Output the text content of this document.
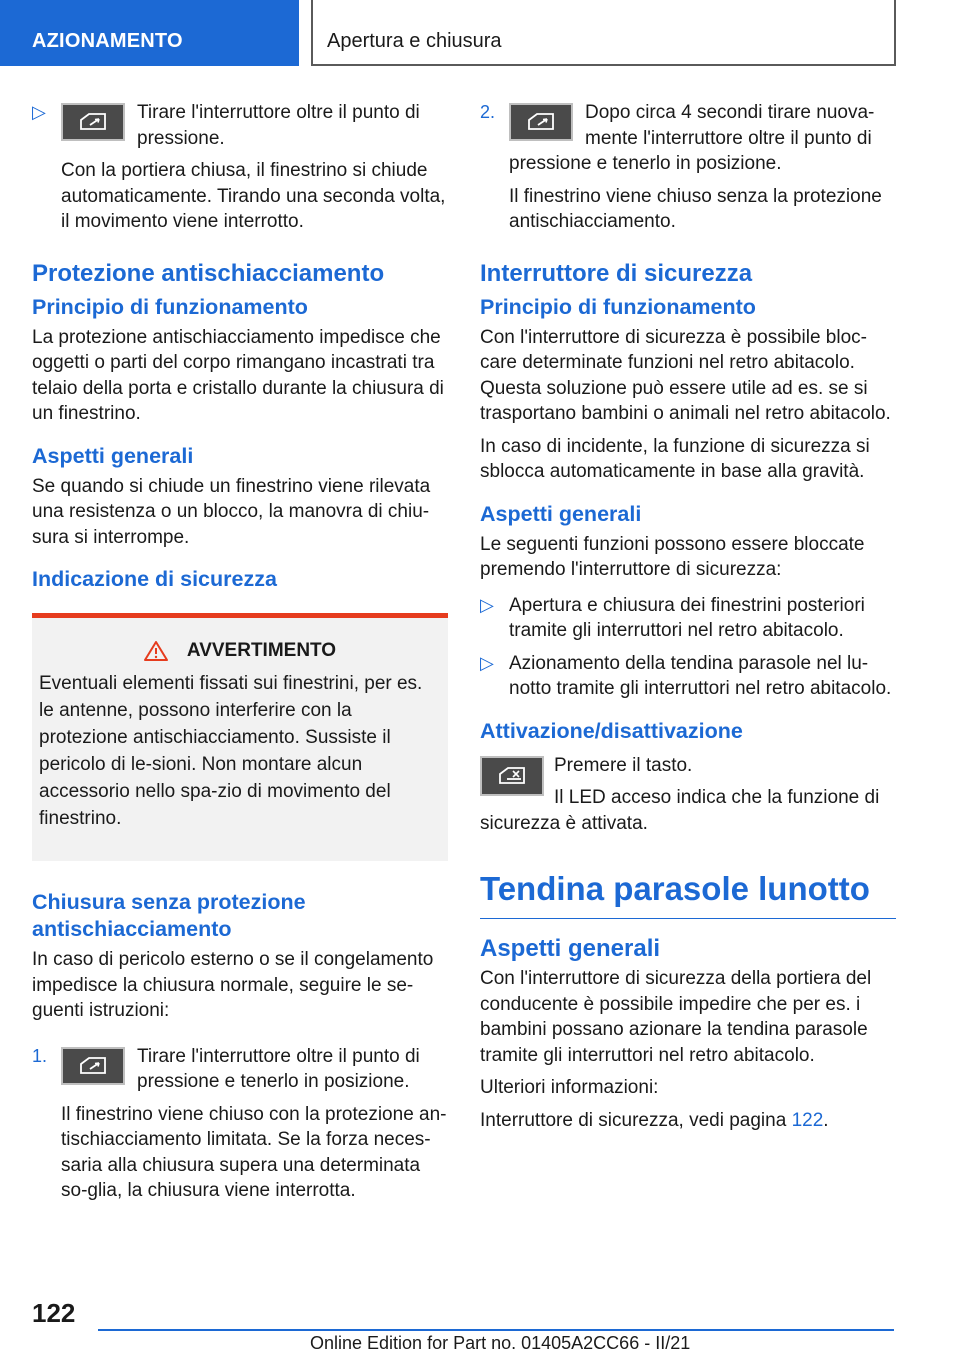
AZIONAMENTO	Apertura e chiusura
▷	Tirare l'interruttore oltre il punto di pressione.

Con la portiera chiusa, il finestrino si chiude automaticamente. Tirando una seconda volta, il movimento viene interrotto.

Protezione antischiacciamento
Principio di funzionamento

La protezione antischiacciamento impedisce che oggetti o parti del corpo rimangano incastrati tra telaio della porta e cristallo durante la chiusura di un finestrino.

Aspetti generali

Se quando si chiude un finestrino viene rilevata una resistenza o un blocco, la manovra di chiu-sura si interrompe.

Indicazione di sicurezza
AVVERTIMENTO

Eventuali elementi fissati sui finestrini, per es. le antenne, possono interferire con la protezione antischiacciamento. Sussiste il pericolo di le-sioni. Non montare alcun accessorio nello spa-zio di movimento del finestrino.

Chiusura senza protezione antischiacciamento

In caso di pericolo esterno o se il congelamento impedisce la chiusura normale, seguire le se-guenti istruzioni:

1.	Tirare l'interruttore oltre il punto di pressione e tenerlo in posizione.

Il finestrino viene chiuso con la protezione an-tischiacciamento limitata. Se la forza neces-saria alla chiusura supera una determinata so-glia, la chiusura viene interrotta.

2.	Dopo circa 4 secondi tirare nuova-mente l'interruttore oltre il punto di pressione e tenerlo in posizione.

Il finestrino viene chiuso senza la protezione antischiacciamento.

Interruttore di sicurezza
Principio di funzionamento

Con l'interruttore di sicurezza è possibile bloc-care determinate funzioni nel retro abitacolo. Questa soluzione può essere utile ad es. se si trasportano bambini o animali nel retro abitacolo.

In caso di incidente, la funzione di sicurezza si sblocca automaticamente in base alla gravità.

Aspetti generali

Le seguenti funzioni possono essere bloccate premendo l'interruttore di sicurezza:

▷ Apertura e chiusura dei finestrini posteriori tramite gli interruttori nel retro abitacolo.

▷ Azionamento della tendina parasole nel lu-notto tramite gli interruttori nel retro abitacolo.

Attivazione/disattivazione

Premere il tasto.

Il LED acceso indica che la funzione di sicurezza è attivata.

Tendina parasole lunotto
Aspetti generali

Con l'interruttore di sicurezza della portiera del conducente è possibile impedire che per es. i bambini possano azionare la tendina parasole tramite gli interruttori nel retro abitacolo.

Ulteriori informazioni:

Interruttore di sicurezza, vedi pagina 122.

122
Online Edition for Part no. 01405A2CC66 - II/21
